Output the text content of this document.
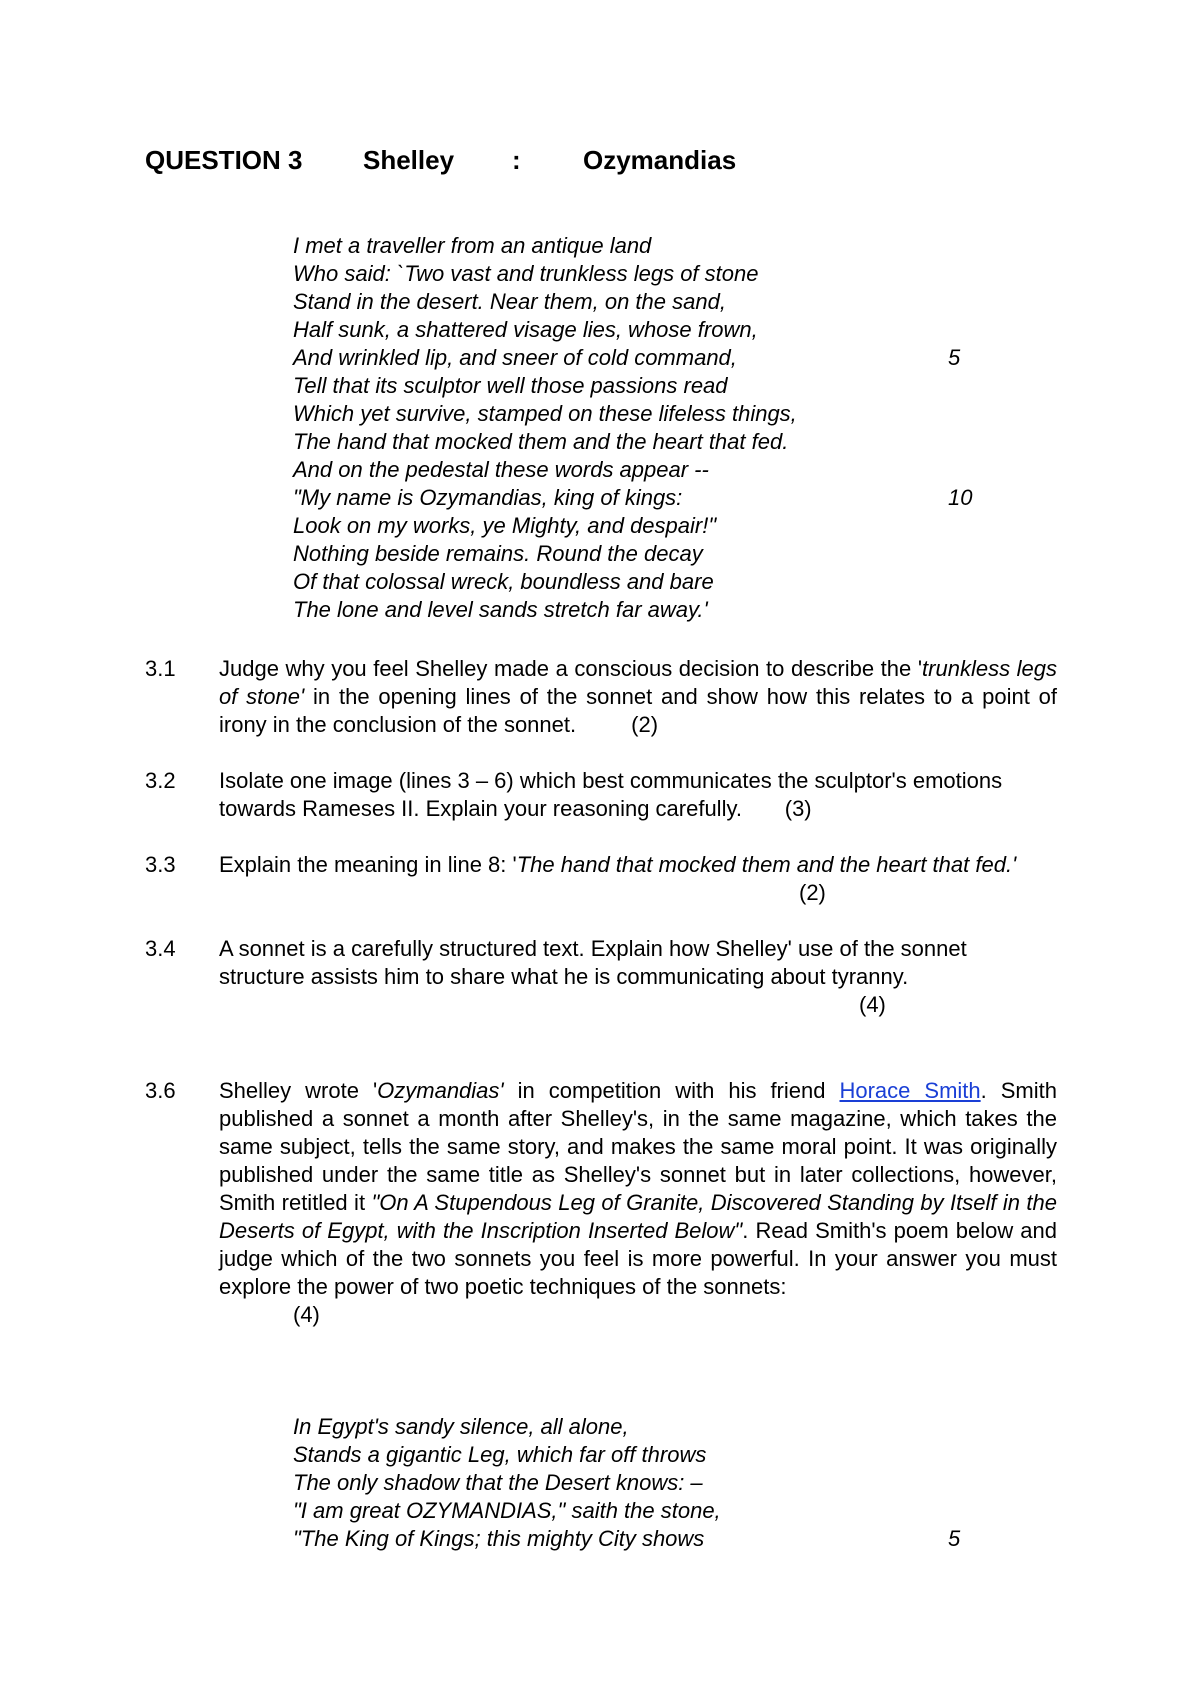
QUESTION 3 Shelley : Ozymandias
I met a traveller from an antique land
Who said: `Two vast and trunkless legs of stone
Stand in the desert. Near them, on the sand,
Half sunk, a shattered visage lies, whose frown,
And wrinkled lip, and sneer of cold command,	5
Tell that its sculptor well those passions read
Which yet survive, stamped on these lifeless things,
The hand that mocked them and the heart that fed.
And on the pedestal these words appear --
"My name is Ozymandias, king of kings:	10
Look on my works, ye Mighty, and despair!"
Nothing beside remains. Round the decay
Of that colossal wreck, boundless and bare
The lone and level sands stretch far away.'
3.1 Judge why you feel Shelley made a conscious decision to describe the 'trunkless legs of stone' in the opening lines of the sonnet and show how this relates to a point of irony in the conclusion of the sonnet.	(2)
3.2 Isolate one image (lines 3 – 6) which best communicates the sculptor's emotions towards Rameses II. Explain your reasoning carefully. (3)
3.3 Explain the meaning in line 8: 'The hand that mocked them and the heart that fed.'
(2)
3.4 A sonnet is a carefully structured text. Explain how Shelley' use of the sonnet structure assists him to share what he is communicating about tyranny.
(4)
3.6 Shelley wrote 'Ozymandias' in competition with his friend Horace Smith. Smith published a sonnet a month after Shelley's, in the same magazine, which takes the same subject, tells the same story, and makes the same moral point. It was originally published under the same title as Shelley's sonnet but in later collections, however, Smith retitled it "On A Stupendous Leg of Granite, Discovered Standing by Itself in the Deserts of Egypt, with the Inscription Inserted Below". Read Smith's poem below and judge which of the two sonnets you feel is more powerful. In your answer you must explore the power of two poetic techniques of the sonnets:
(4)
In Egypt's sandy silence, all alone,
Stands a gigantic Leg, which far off throws
The only shadow that the Desert knows: –
"I am great OZYMANDIAS," saith the stone,
"The King of Kings; this mighty City shows	5
